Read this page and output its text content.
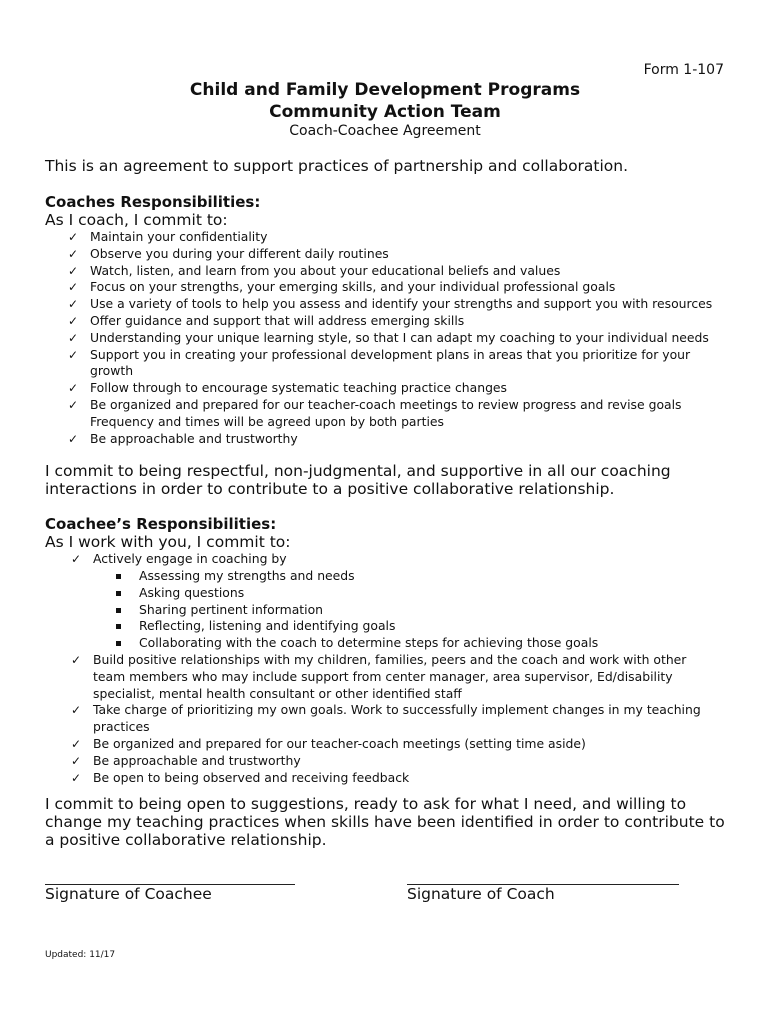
Form 1-107
Child and Family Development Programs
Community Action Team
Coach-Coachee Agreement
This is an agreement to support practices of partnership and collaboration.
Coaches Responsibilities:
As I coach, I commit to:
✓ Maintain your confidentiality
✓ Observe you during your different daily routines
✓ Watch, listen, and learn from you about your educational beliefs and values
✓ Focus on your strengths, your emerging skills, and your individual professional goals
✓ Use a variety of tools to help you assess and identify your strengths and support you with resources
✓ Offer guidance and support that will address emerging skills
✓ Understanding your unique learning style, so that I can adapt my coaching to your individual needs
✓ Support you in creating your professional development plans in areas that you prioritize for your growth
✓ Follow through to encourage systematic teaching practice changes
✓ Be organized and prepared for our teacher-coach meetings to review progress and revise goals Frequency and times will be agreed upon by both parties
✓ Be approachable and trustworthy
I commit to being respectful, non-judgmental, and supportive in all our coaching interactions in order to contribute to a positive collaborative relationship.
Coachee’s Responsibilities:
As I work with you, I commit to:
✓ Actively engage in coaching by
Assessing my strengths and needs
Asking questions
Sharing pertinent information
Reflecting, listening and identifying goals
Collaborating with the coach to determine steps for achieving those goals
✓ Build positive relationships with my children, families, peers and the coach and work with other team members who may include support from center manager, area supervisor, Ed/disability specialist, mental health consultant or other identified staff
✓ Take charge of prioritizing my own goals. Work to successfully implement changes in my teaching practices
✓ Be organized and prepared for our teacher-coach meetings (setting time aside)
✓ Be approachable and trustworthy
✓ Be open to being observed and receiving feedback
I commit to being open to suggestions, ready to ask for what I need, and willing to change my teaching practices when skills have been identified in order to contribute to a positive collaborative relationship.
Signature of Coachee	Signature of Coach
Updated: 11/17
